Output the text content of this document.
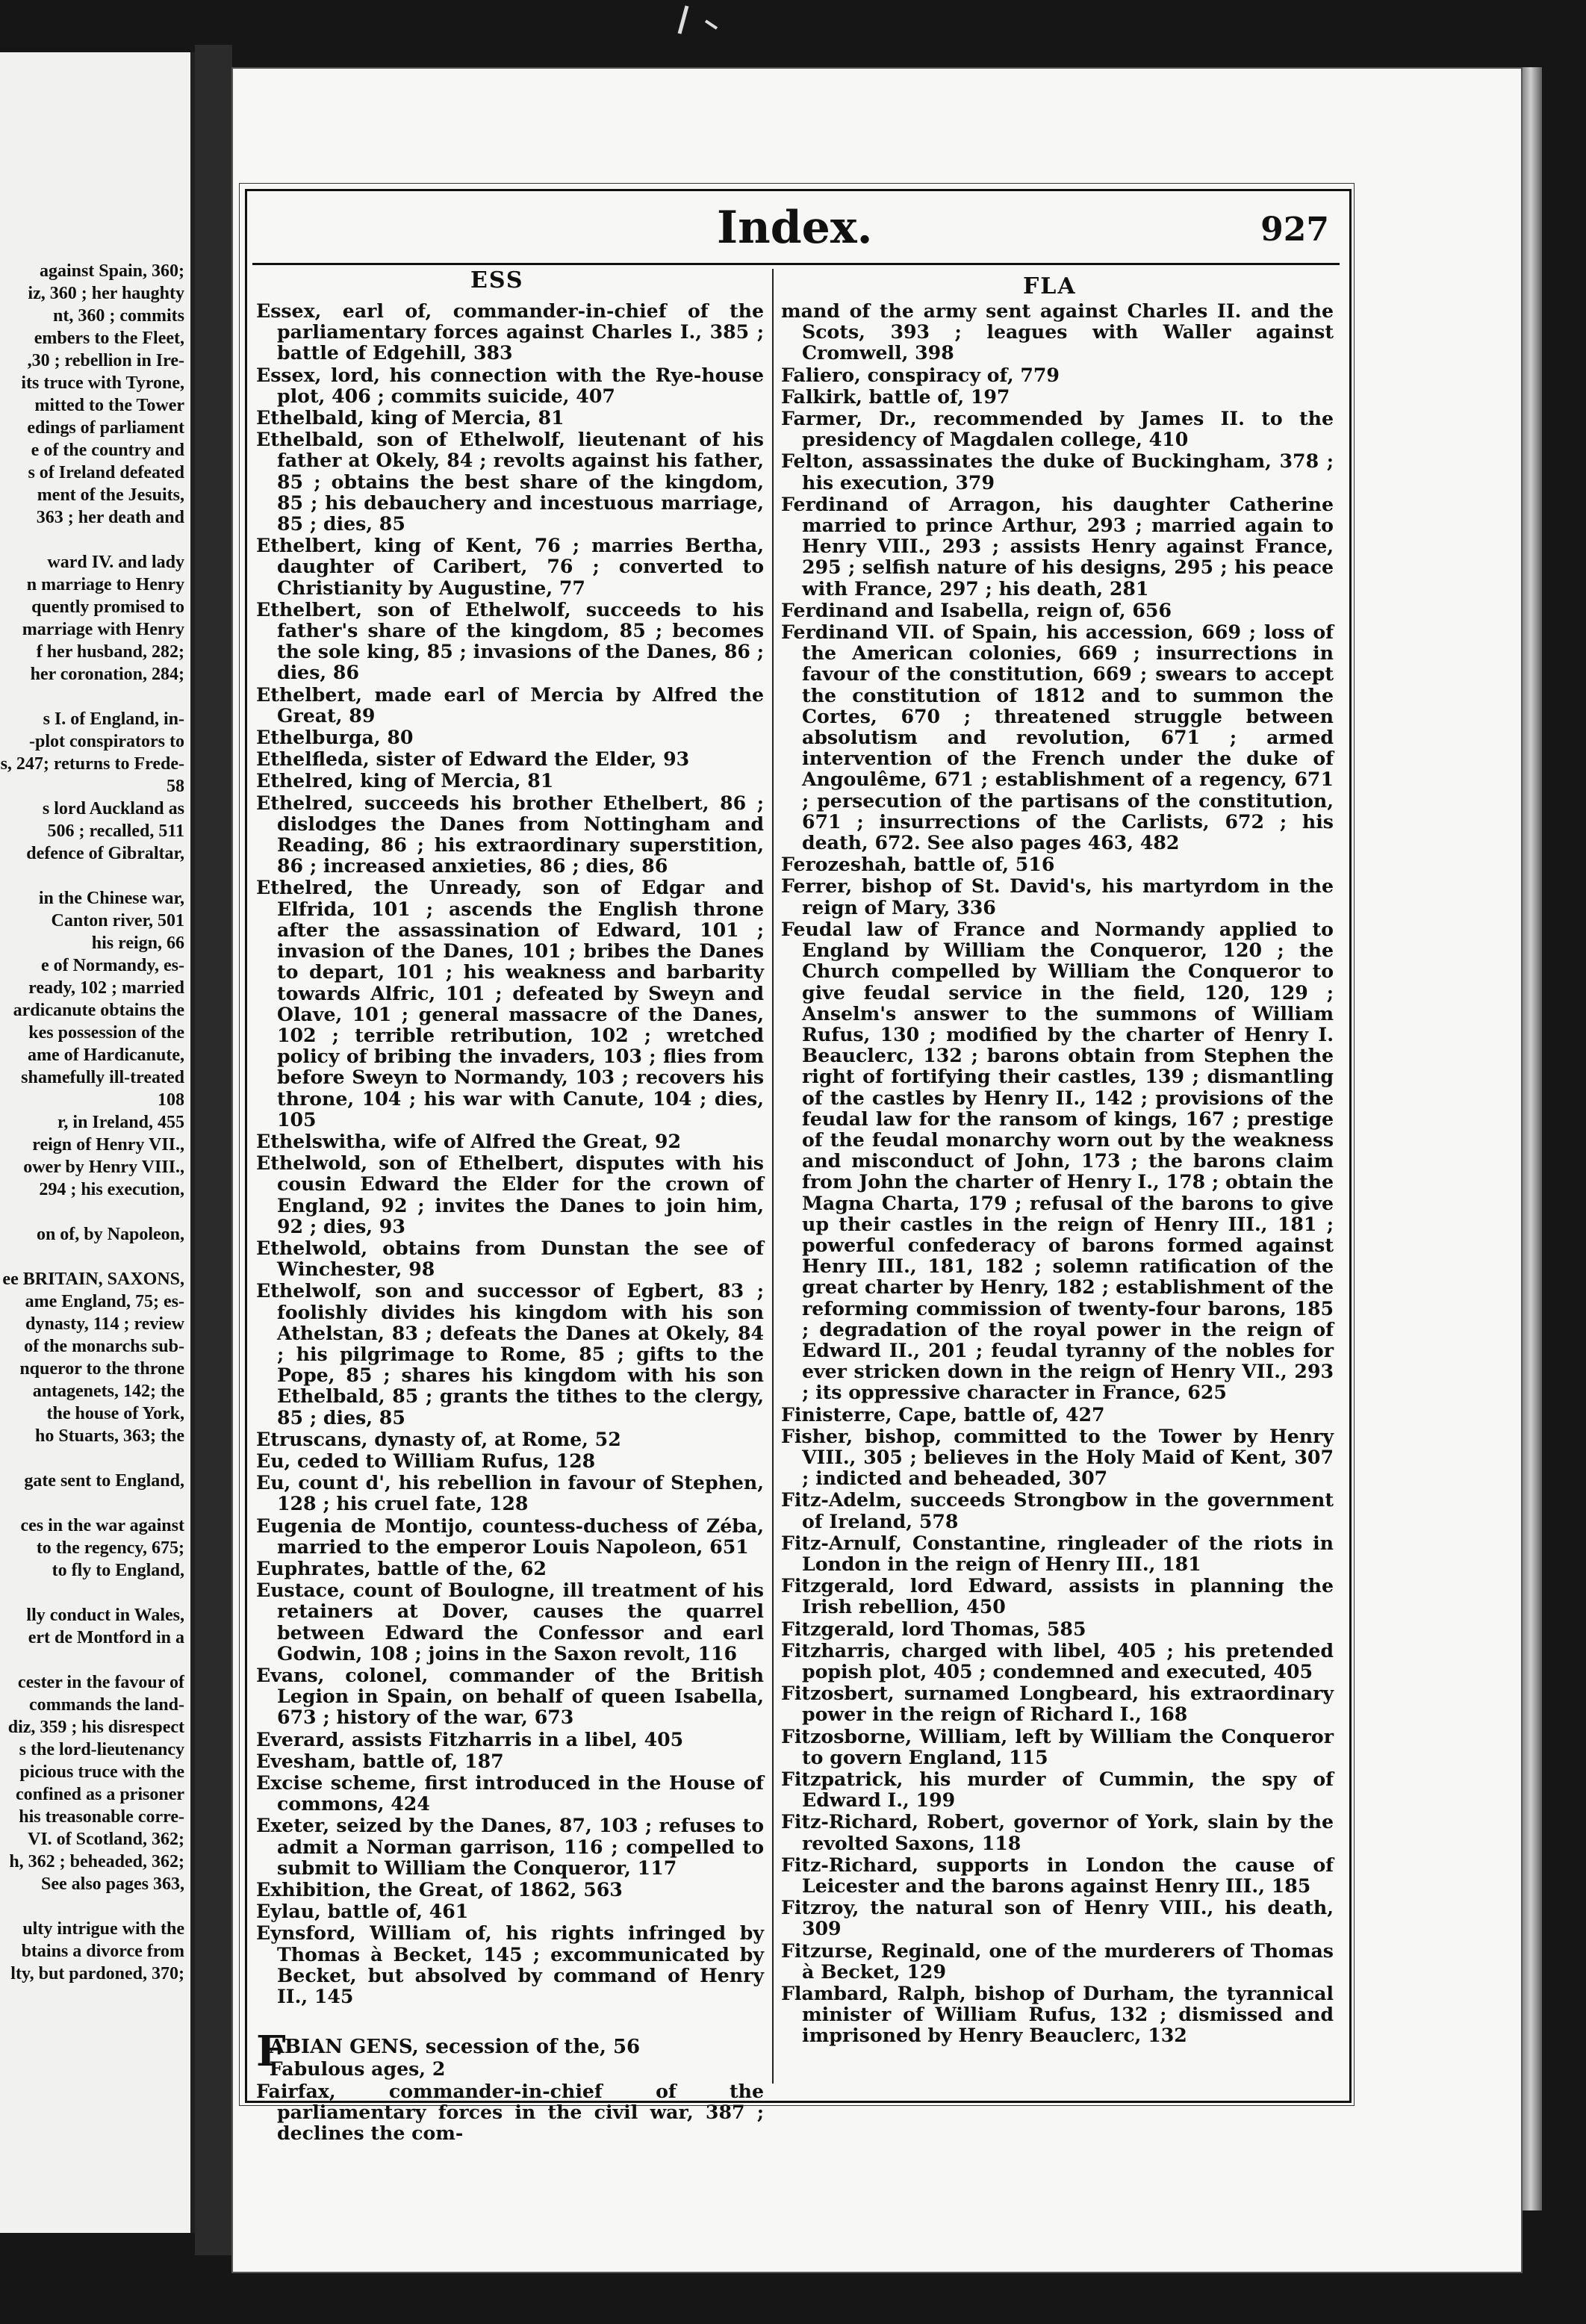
against Spain, 360;
iz, 360 ; her haughty
nt, 360 ; commits
embers to the Fleet,
,30 ; rebellion in Ire-
its truce with Tyrone,
mitted to the Tower
edings of parliament
e of the country and
s of Ireland defeated
ment of the Jesuits,
363 ; her death and
ward IV. and lady
n marriage to Henry
quently promised to
marriage with Henry
f her husband, 282;
her coronation, 284;
s I. of England, in-
-plot conspirators to
s, 247; returns to Frede-
58
s lord Auckland as
506 ; recalled, 511
defence of Gibraltar,
in the Chinese war,
Canton river, 501
his reign, 66
e of Normandy, es-
ready, 102 ; married
ardicanute obtains the
kes possession of the
ame of Hardicanute,
shamefully ill-treated
108
r, in Ireland, 455
reign of Henry VII.,
ower by Henry VIII.,
294 ; his execution,
on of, by Napoleon,
ee BRITAIN, SAXONS,
ame England, 75; es-
dynasty, 114 ; review
of the monarchs sub-
nqueror to the throne
antagenets, 142; the
the house of York,
ho Stuarts, 363; the
gate sent to England,
ces in the war against
to the regency, 675;
to fly to England,
lly conduct in Wales,
ert de Montford in a
cester in the favour of
commands the land-
diz, 359 ; his disrespect
s the lord-lieutenancy
picious truce with the
confined as a prisoner
his treasonable corre-
VI. of Scotland, 362;
h, 362 ; beheaded, 362;
See also pages 363,
ulty intrigue with the
btains a divorce from
lty, but pardoned, 370;
Index.	927
ESS	FLA
Essex, earl of, commander-in-chief of the parliamentary forces against Charles I., 385 ; battle of Edgehill, 383
Essex, lord, his connection with the Rye-house plot, 406 ; commits suicide, 407
Ethelbald, king of Mercia, 81
Ethelbald, son of Ethelwolf, lieutenant of his father at Okely, 84 ; revolts against his father, 85 ; obtains the best share of the kingdom, 85 ; his debauchery and incestuous marriage, 85 ; dies, 85
Ethelbert, king of Kent, 76 ; marries Bertha, daughter of Caribert, 76 ; converted to Christianity by Augustine, 77
Ethelbert, son of Ethelwolf, succeeds to his father's share of the kingdom, 85 ; becomes the sole king, 85 ; invasions of the Danes, 86 ; dies, 86
Ethelbert, made earl of Mercia by Alfred the Great, 89
Ethelburga, 80
Ethelfleda, sister of Edward the Elder, 93
Ethelred, king of Mercia, 81
Ethelred, succeeds his brother Ethelbert, 86 ; dislodges the Danes from Nottingham and Reading, 86 ; his extraordinary superstition, 86 ; increased anxieties, 86 ; dies, 86
Ethelred, the Unready, son of Edgar and Elfrida, 101 ; ascends the English throne after the assassination of Edward, 101 ; invasion of the Danes, 101 ; bribes the Danes to depart, 101 ; his weakness and barbarity towards Alfric, 101 ; defeated by Sweyn and Olave, 101 ; general massacre of the Danes, 102 ; terrible retribution, 102 ; wretched policy of bribing the invaders, 103 ; flies from before Sweyn to Normandy, 103 ; recovers his throne, 104 ; his war with Canute, 104 ; dies, 105
Ethelswitha, wife of Alfred the Great, 92
Ethelwold, son of Ethelbert, disputes with his cousin Edward the Elder for the crown of England, 92 ; invites the Danes to join him, 92 ; dies, 93
Ethelwold, obtains from Dunstan the see of Winchester, 98
Ethelwolf, son and successor of Egbert, 83 ; foolishly divides his kingdom with his son Athelstan, 83 ; defeats the Danes at Okely, 84 ; his pilgrimage to Rome, 85 ; gifts to the Pope, 85 ; shares his kingdom with his son Ethelbald, 85 ; grants the tithes to the clergy, 85 ; dies, 85
Etruscans, dynasty of, at Rome, 52
Eu, ceded to William Rufus, 128
Eu, count d', his rebellion in favour of Stephen, 128 ; his cruel fate, 128
Eugenia de Montijo, countess-duchess of Zéba, married to the emperor Louis Napoleon, 651
Euphrates, battle of the, 62
Eustace, count of Boulogne, ill treatment of his retainers at Dover, causes the quarrel between Edward the Confessor and earl Godwin, 108 ; joins in the Saxon revolt, 116
Evans, colonel, commander of the British Legion in Spain, on behalf of queen Isabella, 673 ; history of the war, 673
Everard, assists Fitzharris in a libel, 405
Evesham, battle of, 187
Excise scheme, first introduced in the House of commons, 424
Exeter, seized by the Danes, 87, 103 ; refuses to admit a Norman garrison, 116 ; compelled to submit to William the Conqueror, 117
Exhibition, the Great, of 1862, 563
Eylau, battle of, 461
Eynsford, William of, his rights infringed by Thomas à Becket, 145 ; excommunicated by Becket, but absolved by command of Henry II., 145
FABIAN GENS, secession of the, 56
Fabulous ages, 2
Fairfax, commander-in-chief of the parliamentary forces in the civil war, 387 ; declines the com-
mand of the army sent against Charles II. and the Scots, 393 ; leagues with Waller against Cromwell, 398
Faliero, conspiracy of, 779
Falkirk, battle of, 197
Farmer, Dr., recommended by James II. to the presidency of Magdalen college, 410
Felton, assassinates the duke of Buckingham, 378 ; his execution, 379
Ferdinand of Arragon, his daughter Catherine married to prince Arthur, 293 ; married again to Henry VIII., 293 ; assists Henry against France, 295 ; selfish nature of his designs, 295 ; his peace with France, 297 ; his death, 281
Ferdinand and Isabella, reign of, 656
Ferdinand VII. of Spain, his accession, 669 ; loss of the American colonies, 669 ; insurrections in favour of the constitution, 669 ; swears to accept the constitution of 1812 and to summon the Cortes, 670 ; threatened struggle between absolutism and revolution, 671 ; armed intervention of the French under the duke of Angoulême, 671 ; establishment of a regency, 671 ; persecution of the partisans of the constitution, 671 ; insurrections of the Carlists, 672 ; his death, 672. See also pages 463, 482
Ferozeshah, battle of, 516
Ferrer, bishop of St. David's, his martyrdom in the reign of Mary, 336
Feudal law of France and Normandy applied to England by William the Conqueror, 120 ; the Church compelled by William the Conqueror to give feudal service in the field, 120, 129 ; Anselm's answer to the summons of William Rufus, 130 ; modified by the charter of Henry I. Beauclerc, 132 ; barons obtain from Stephen the right of fortifying their castles, 139 ; dismantling of the castles by Henry II., 142 ; provisions of the feudal law for the ransom of kings, 167 ; prestige of the feudal monarchy worn out by the weakness and misconduct of John, 173 ; the barons claim from John the charter of Henry I., 178 ; obtain the Magna Charta, 179 ; refusal of the barons to give up their castles in the reign of Henry III., 181 ; powerful confederacy of barons formed against Henry III., 181, 182 ; solemn ratification of the great charter by Henry, 182 ; establishment of the reforming commission of twenty-four barons, 185 ; degradation of the royal power in the reign of Edward II., 201 ; feudal tyranny of the nobles for ever stricken down in the reign of Henry VII., 293 ; its oppressive character in France, 625
Finisterre, Cape, battle of, 427
Fisher, bishop, committed to the Tower by Henry VIII., 305 ; believes in the Holy Maid of Kent, 307 ; indicted and beheaded, 307
Fitz-Adelm, succeeds Strongbow in the government of Ireland, 578
Fitz-Arnulf, Constantine, ringleader of the riots in London in the reign of Henry III., 181
Fitzgerald, lord Edward, assists in planning the Irish rebellion, 450
Fitzgerald, lord Thomas, 585
Fitzharris, charged with libel, 405 ; his pretended popish plot, 405 ; condemned and executed, 405
Fitzosbert, surnamed Longbeard, his extraordinary power in the reign of Richard I., 168
Fitzosborne, William, left by William the Conqueror to govern England, 115
Fitzpatrick, his murder of Cummin, the spy of Edward I., 199
Fitz-Richard, Robert, governor of York, slain by the revolted Saxons, 118
Fitz-Richard, supports in London the cause of Leicester and the barons against Henry III., 185
Fitzroy, the natural son of Henry VIII., his death, 309
Fitzurse, Reginald, one of the murderers of Thomas à Becket, 129
Flambard, Ralph, bishop of Durham, the tyrannical minister of William Rufus, 132 ; dismissed and imprisoned by Henry Beauclerc, 132
